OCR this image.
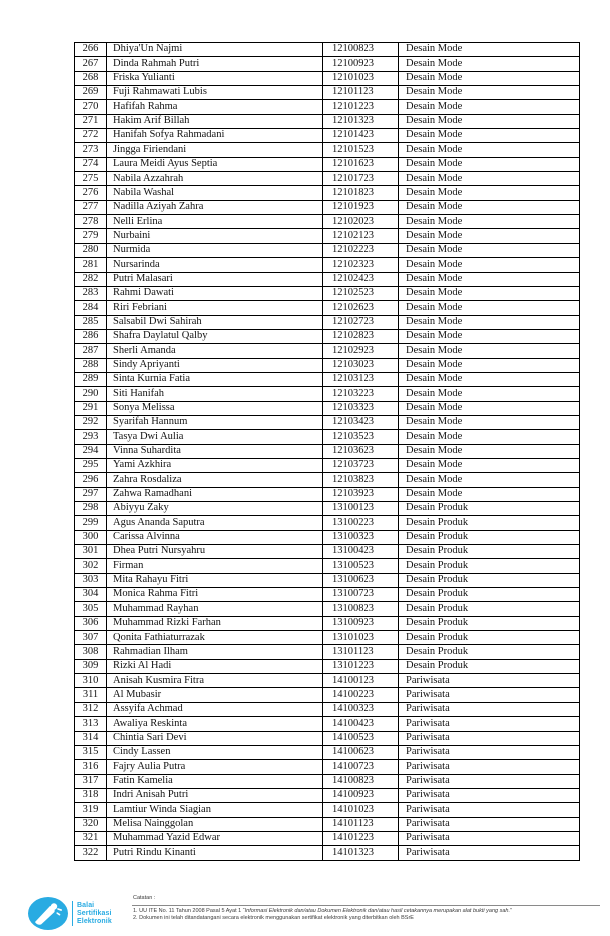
266	Dhiya'Un Najmi	12100823	Desain Mode
267	Dinda Rahmah Putri	12100923	Desain Mode
268	Friska Yulianti	12101023	Desain Mode
269	Fuji Rahmawati Lubis	12101123	Desain Mode
270	Hafifah Rahma	12101223	Desain Mode
271	Hakim Arif Billah	12101323	Desain Mode
272	Hanifah Sofya Rahmadani	12101423	Desain Mode
273	Jingga Firiendani	12101523	Desain Mode
274	Laura Meidi Ayus Septia	12101623	Desain Mode
275	Nabila Azzahrah	12101723	Desain Mode
276	Nabila Washal	12101823	Desain Mode
277	Nadilla Aziyah Zahra	12101923	Desain Mode
278	Nelli Erlina	12102023	Desain Mode
279	Nurbaini	12102123	Desain Mode
280	Nurmida	12102223	Desain Mode
281	Nursarinda	12102323	Desain Mode
282	Putri Malasari	12102423	Desain Mode
283	Rahmi Dawati	12102523	Desain Mode
284	Riri Febriani	12102623	Desain Mode
285	Salsabil Dwi Sahirah	12102723	Desain Mode
286	Shafra Daylatul Qalby	12102823	Desain Mode
287	Sherli Amanda	12102923	Desain Mode
288	Sindy Apriyanti	12103023	Desain Mode
289	Sinta Kurnia Fatia	12103123	Desain Mode
290	Siti Hanifah	12103223	Desain Mode
291	Sonya Melissa	12103323	Desain Mode
292	Syarifah Hannum	12103423	Desain Mode
293	Tasya Dwi Aulia	12103523	Desain Mode
294	Vinna Suhardita	12103623	Desain Mode
295	Yami Azkhira	12103723	Desain Mode
296	Zahra Rosdaliza	12103823	Desain Mode
297	Zahwa Ramadhani	12103923	Desain Mode
298	Abiyyu Zaky	13100123	Desain Produk
299	Agus Ananda Saputra	13100223	Desain Produk
300	Carissa Alvinna	13100323	Desain Produk
301	Dhea Putri Nursyahru	13100423	Desain Produk
302	Firman	13100523	Desain Produk
303	Mita Rahayu Fitri	13100623	Desain Produk
304	Monica Rahma Fitri	13100723	Desain Produk
305	Muhammad Rayhan	13100823	Desain Produk
306	Muhammad Rizki Farhan	13100923	Desain Produk
307	Qonita Fathiaturrazak	13101023	Desain Produk
308	Rahmadian Ilham	13101123	Desain Produk
309	Rizki Al Hadi	13101223	Desain Produk
310	Anisah Kusmira Fitra	14100123	Pariwisata
311	Al Mubasir	14100223	Pariwisata
312	Assyifa Achmad	14100323	Pariwisata
313	Awaliya Reskinta	14100423	Pariwisata
314	Chintia Sari Devi	14100523	Pariwisata
315	Cindy Lassen	14100623	Pariwisata
316	Fajry Aulia Putra	14100723	Pariwisata
317	Fatin Kamelia	14100823	Pariwisata
318	Indri Anisah Putri	14100923	Pariwisata
319	Lamtiur Winda Siagian	14101023	Pariwisata
320	Melisa Nainggolan	14101123	Pariwisata
321	Muhammad Yazid Edwar	14101223	Pariwisata
322	Putri Rindu Kinanti	14101323	Pariwisata
Balai
Sertifikasi
Elektronik
Catatan :
1. UU ITE No. 11 Tahun 2008 Pasal 5 Ayat 1 “Informasi Elektronik dan/atau Dokumen Elektronik dan/atau hasil cetakannya merupakan alat bukti yang sah.”
2. Dokumen ini telah ditandatangani secara elektronik menggunakan sertifikat elektronik yang diterbitkan oleh BSrE
